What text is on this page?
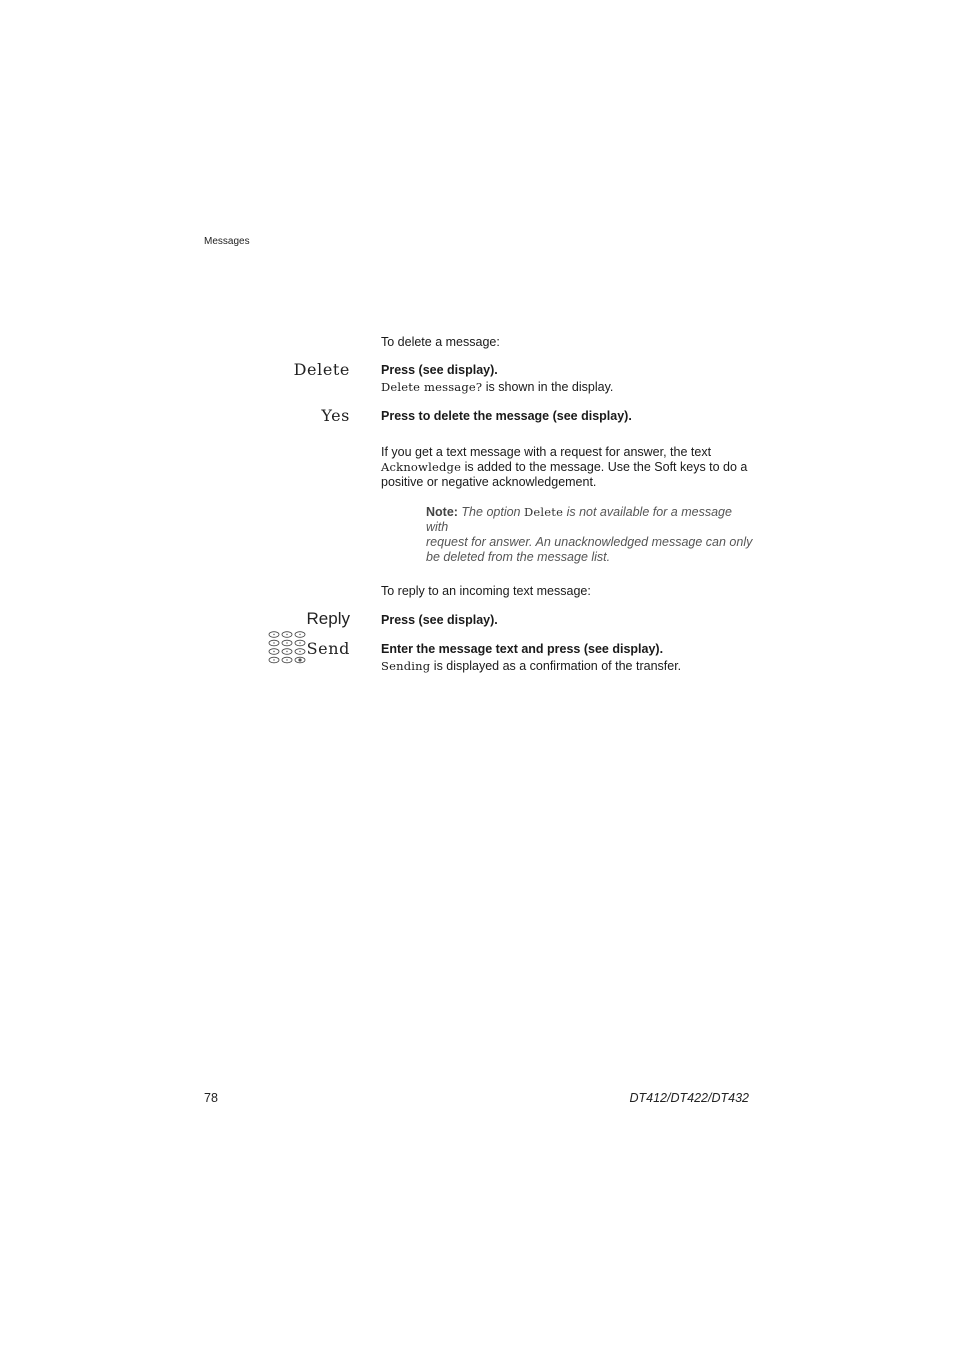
Messages
To delete a message:
Delete Press (see display).
Delete message? is shown in the display.
Yes Press to delete the message (see display).
If you get a text message with a request for answer, the text
Acknowledge is added to the message. Use the Soft keys to do a
positive or negative acknowledgement.
Note: The option Delete is not available for a message with
request for answer. An unacknowledged message can only
be deleted from the message list.
To reply to an incoming text message:
Reply Press (see display).
Send Enter the message text and press (see display).
Sending is displayed as a confirmation of the transfer.
78	DT412/DT422/DT432
